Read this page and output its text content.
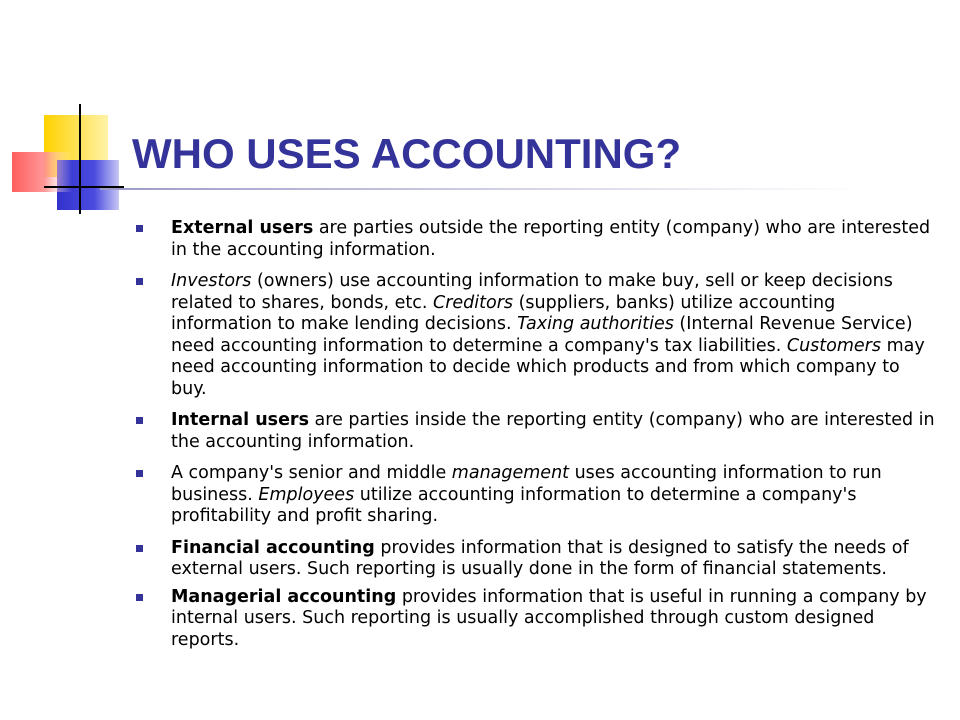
WHO USES ACCOUNTING?
External users are parties outside the reporting entity (company) who are interested in the accounting information.
Investors (owners) use accounting information to make buy, sell or keep decisions related to shares, bonds, etc. Creditors (suppliers, banks) utilize accounting information to make lending decisions. Taxing authorities (Internal Revenue Service) need accounting information to determine a company's tax liabilities. Customers may need accounting information to decide which products and from which company to buy.
Internal users are parties inside the reporting entity (company) who are interested in the accounting information.
A company's senior and middle management uses accounting information to run business. Employees utilize accounting information to determine a company's profitability and profit sharing.
Financial accounting provides information that is designed to satisfy the needs of external users. Such reporting is usually done in the form of financial statements.
Managerial accounting provides information that is useful in running a company by internal users. Such reporting is usually accomplished through custom designed reports.
